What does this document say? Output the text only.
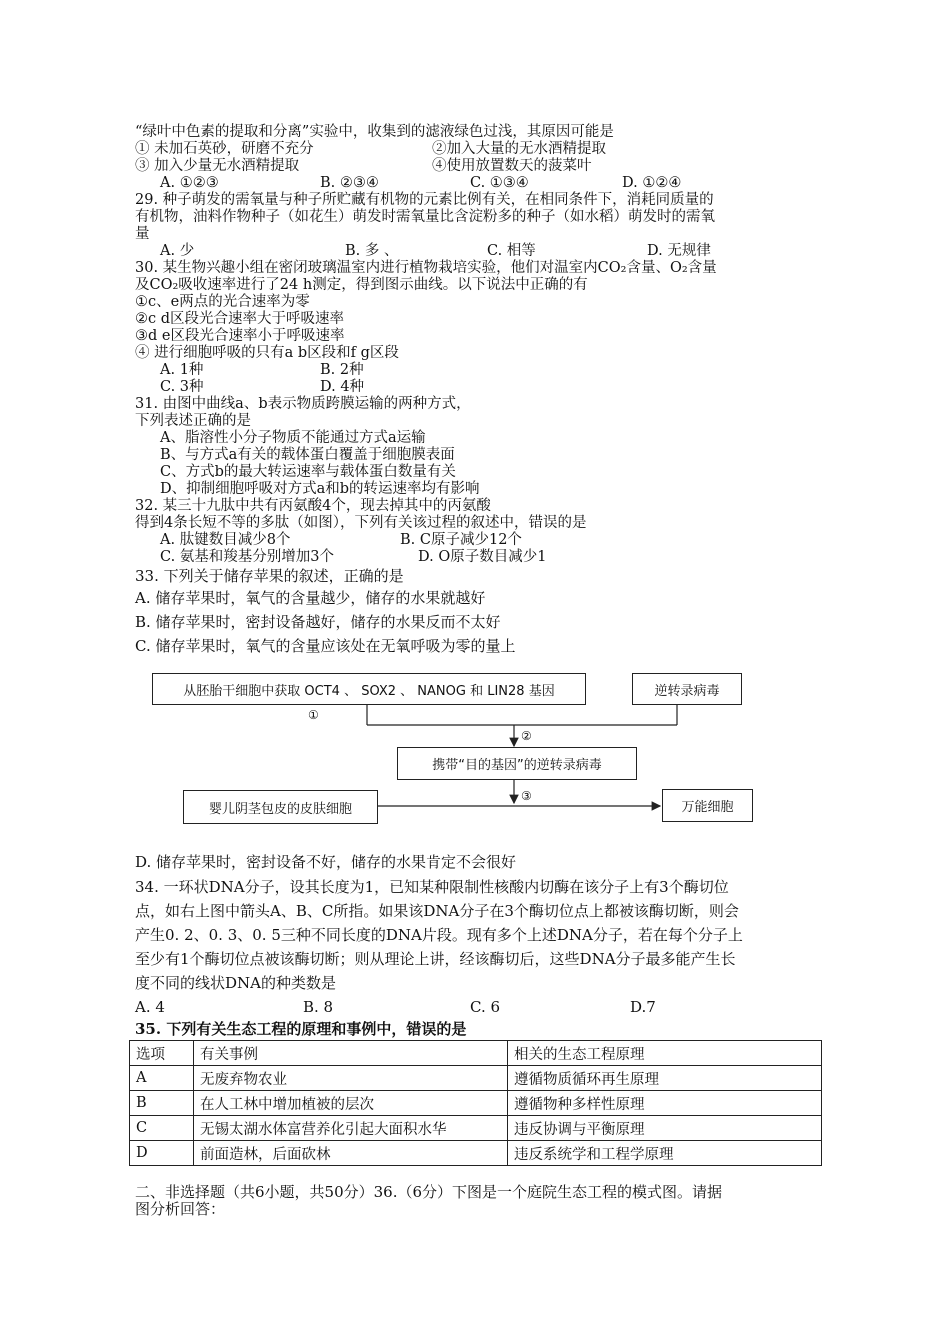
“绿叶中色素的提取和分离”实验中，收集到的滤液绿色过浅，其原因可能是
① 未加石英砂，研磨不充分	②加入大量的无水酒精提取
③ 加入少量无水酒精提取	④使用放置数天的菠菜叶
A. ①②③	B. ②③④	C. ①③④	D. ①②④
29. 种子萌发的需氧量与种子所贮藏有机物的元素比例有关，在相同条件下，消耗同质量的
有机物，油料作物种子（如花生）萌发时需氧量比含淀粉多的种子（如水稻）萌发时的需氧
量
A. 少	B. 多 、	C. 相等	D. 无规律
30. 某生物兴趣小组在密闭玻璃温室内进行植物栽培实验，他们对温室内CO₂含量、O₂含量
及CO₂吸收速率进行了24 h测定，得到图示曲线。以下说法中正确的有
①c、e两点的光合速率为零
②c d区段光合速率大于呼吸速率
③d e区段光合速率小于呼吸速率
④ 进行细胞呼吸的只有a b区段和f g区段
A. 1种	B. 2种
C. 3种	D. 4种
31. 由图中曲线a、b表示物质跨膜运输的两种方式，
下列表述正确的是
A、脂溶性小分子物质不能通过方式a运输
B、与方式a有关的载体蛋白覆盖于细胞膜表面
C、方式b的最大转运速率与载体蛋白数量有关
D、抑制细胞呼吸对方式a和b的转运速率均有影响
32. 某三十九肽中共有丙氨酸4个，现去掉其中的丙氨酸
得到4条长短不等的多肽（如图），下列有关该过程的叙述中，错误的是
A. 肽键数目减少8个	B. C原子减少12个
C. 氨基和羧基分别增加3个	D. O原子数目减少1
33. 下列关于储存苹果的叙述，正确的是
A. 储存苹果时，氧气的含量越少，储存的水果就越好
B. 储存苹果时，密封设备越好，储存的水果反而不太好
C. 储存苹果时，氧气的含量应该处在无氧呼吸为零的量上
从胚胎干细胞中获取 OCT4 、 SOX2 、 NANOG 和 LIN28 基因	逆转录病毒
携带“目的基因”的逆转录病毒
婴儿阴茎包皮的皮肤细胞	万能细胞
①
②
③
D. 储存苹果时，密封设备不好，储存的水果肯定不会很好
34. 一环状DNA分子，设其长度为1，已知某种限制性核酸内切酶在该分子上有3个酶切位
点，如右上图中箭头A、B、C所指。如果该DNA分子在3个酶切位点上都被该酶切断，则会
产生0. 2、0. 3、0. 5三种不同长度的DNA片段。现有多个上述DNA分子，若在每个分子上
至少有1个酶切位点被该酶切断；则从理论上讲，经该酶切后，这些DNA分子最多能产生长
度不同的线状DNA的种类数是
A. 4	B. 8	C. 6	D.7
35. 下列有关生态工程的原理和事例中，错误的是
选项	有关事例	相关的生态工程原理
A	无废弃物农业	遵循物质循环再生原理
B	在人工林中增加植被的层次	遵循物种多样性原理
C	无锡太湖水体富营养化引起大面积水华	违反协调与平衡原理
D	前面造林，后面砍林	违反系统学和工程学原理
二、非选择题（共6小题，共50分）36.（6分）下图是一个庭院生态工程的模式图。请据
图分析回答：
